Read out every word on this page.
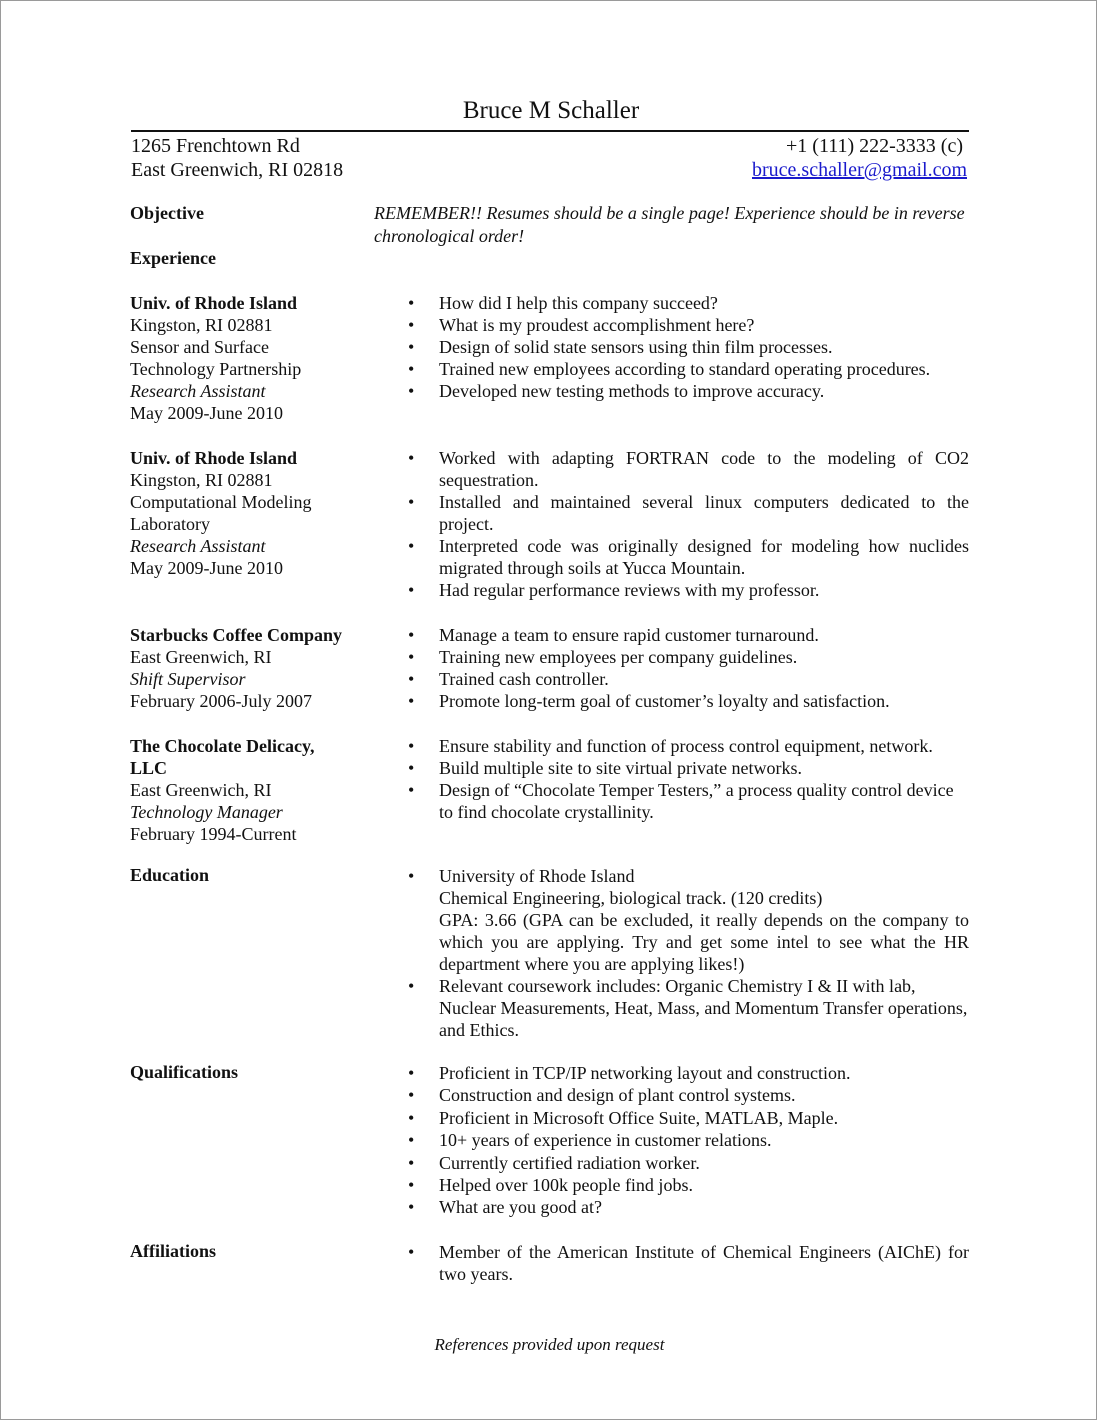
Bruce M Schaller
1265 Frenchtown Rd
East Greenwich, RI 02818
+1 (111) 222-3333 (c)
bruce.schaller@gmail.com
Objective	REMEMBER!! Resumes should be a single page! Experience should be in reverse chronological order!
Experience
Univ. of Rhode Island
Kingston, RI 02881
Sensor and Surface
Technology Partnership
Research Assistant
May 2009-June 2010
• How did I help this company succeed?
• What is my proudest accomplishment here?
• Design of solid state sensors using thin film processes.
• Trained new employees according to standard operating procedures.
• Developed new testing methods to improve accuracy.
Univ. of Rhode Island
Kingston, RI 02881
Computational Modeling
Laboratory
Research Assistant
May 2009-June 2010
• Worked with adapting FORTRAN code to the modeling of CO2 sequestration.
• Installed and maintained several linux computers dedicated to the project.
• Interpreted code was originally designed for modeling how nuclides migrated through soils at Yucca Mountain.
• Had regular performance reviews with my professor.
Starbucks Coffee Company
East Greenwich, RI
Shift Supervisor
February 2006-July 2007
• Manage a team to ensure rapid customer turnaround.
• Training new employees per company guidelines.
• Trained cash controller.
• Promote long-term goal of customer’s loyalty and satisfaction.
The Chocolate Delicacy,
LLC
East Greenwich, RI
Technology Manager
February 1994-Current
• Ensure stability and function of process control equipment, network.
• Build multiple site to site virtual private networks.
• Design of “Chocolate Temper Testers,” a process quality control device to find chocolate crystallinity.
Education	• University of Rhode Island
Chemical Engineering, biological track. (120 credits)
GPA: 3.66 (GPA can be excluded, it really depends on the company to which you are applying. Try and get some intel to see what the HR department where you are applying likes!)
• Relevant coursework includes: Organic Chemistry I & II with lab, Nuclear Measurements, Heat, Mass, and Momentum Transfer operations, and Ethics.
Qualifications	• Proficient in TCP/IP networking layout and construction.
• Construction and design of plant control systems.
• Proficient in Microsoft Office Suite, MATLAB, Maple.
• 10+ years of experience in customer relations.
• Currently certified radiation worker.
• Helped over 100k people find jobs.
• What are you good at?
Affiliations	• Member of the American Institute of Chemical Engineers (AIChE) for two years.
References provided upon request
